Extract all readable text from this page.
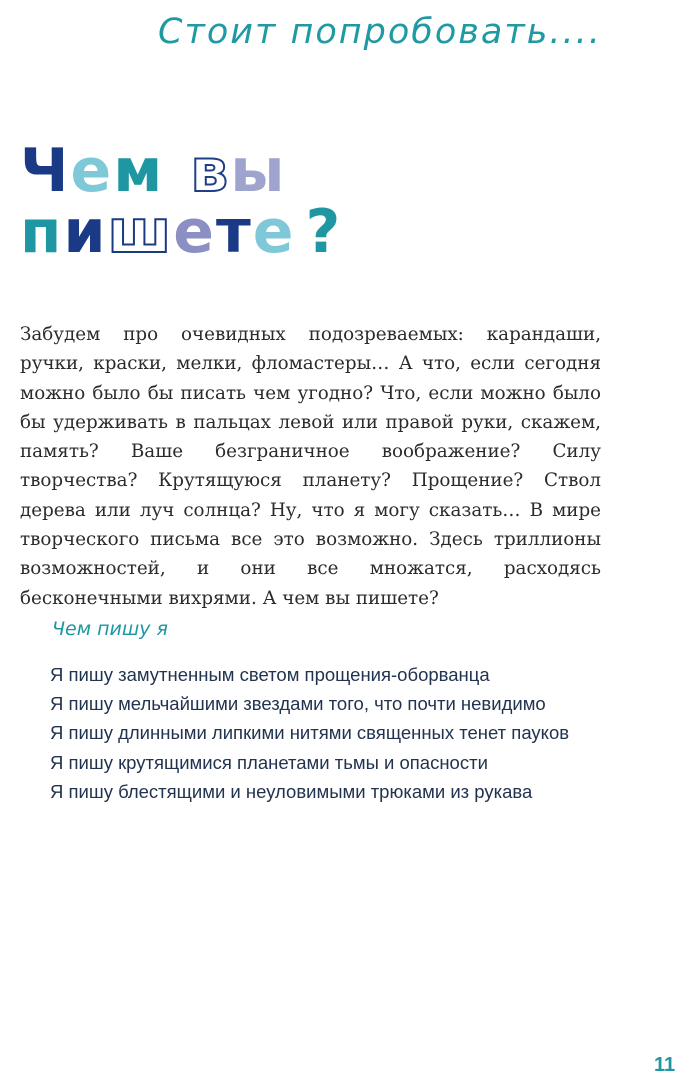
Стоит попробовать....
Чем вы
пишете ?

Забудем про очевидных подозреваемых: карандаши, ручки, краски, мелки, фломастеры… А что, если сегодня можно было бы писать чем угодно? Что, если можно было бы удерживать в пальцах левой или правой руки, скажем, память? Ваше безграничное воображение? Силу творчества? Крутящуюся планету? Прощение? Ствол дерева или луч солнца? Ну, что я могу сказать… В мире творческого письма все это возможно. Здесь триллионы возможностей, и они все множатся, расходясь бесконечными вихрями. А чем вы пишете?

Чем пишу я

Я пишу замутненным светом прощения-оборванца
Я пишу мельчайшими звездами того, что почти невидимо
Я пишу длинными липкими нитями священных тенет пауков
Я пишу крутящимися планетами тьмы и опасности
Я пишу блестящими и неуловимыми трюками из рукава
11
